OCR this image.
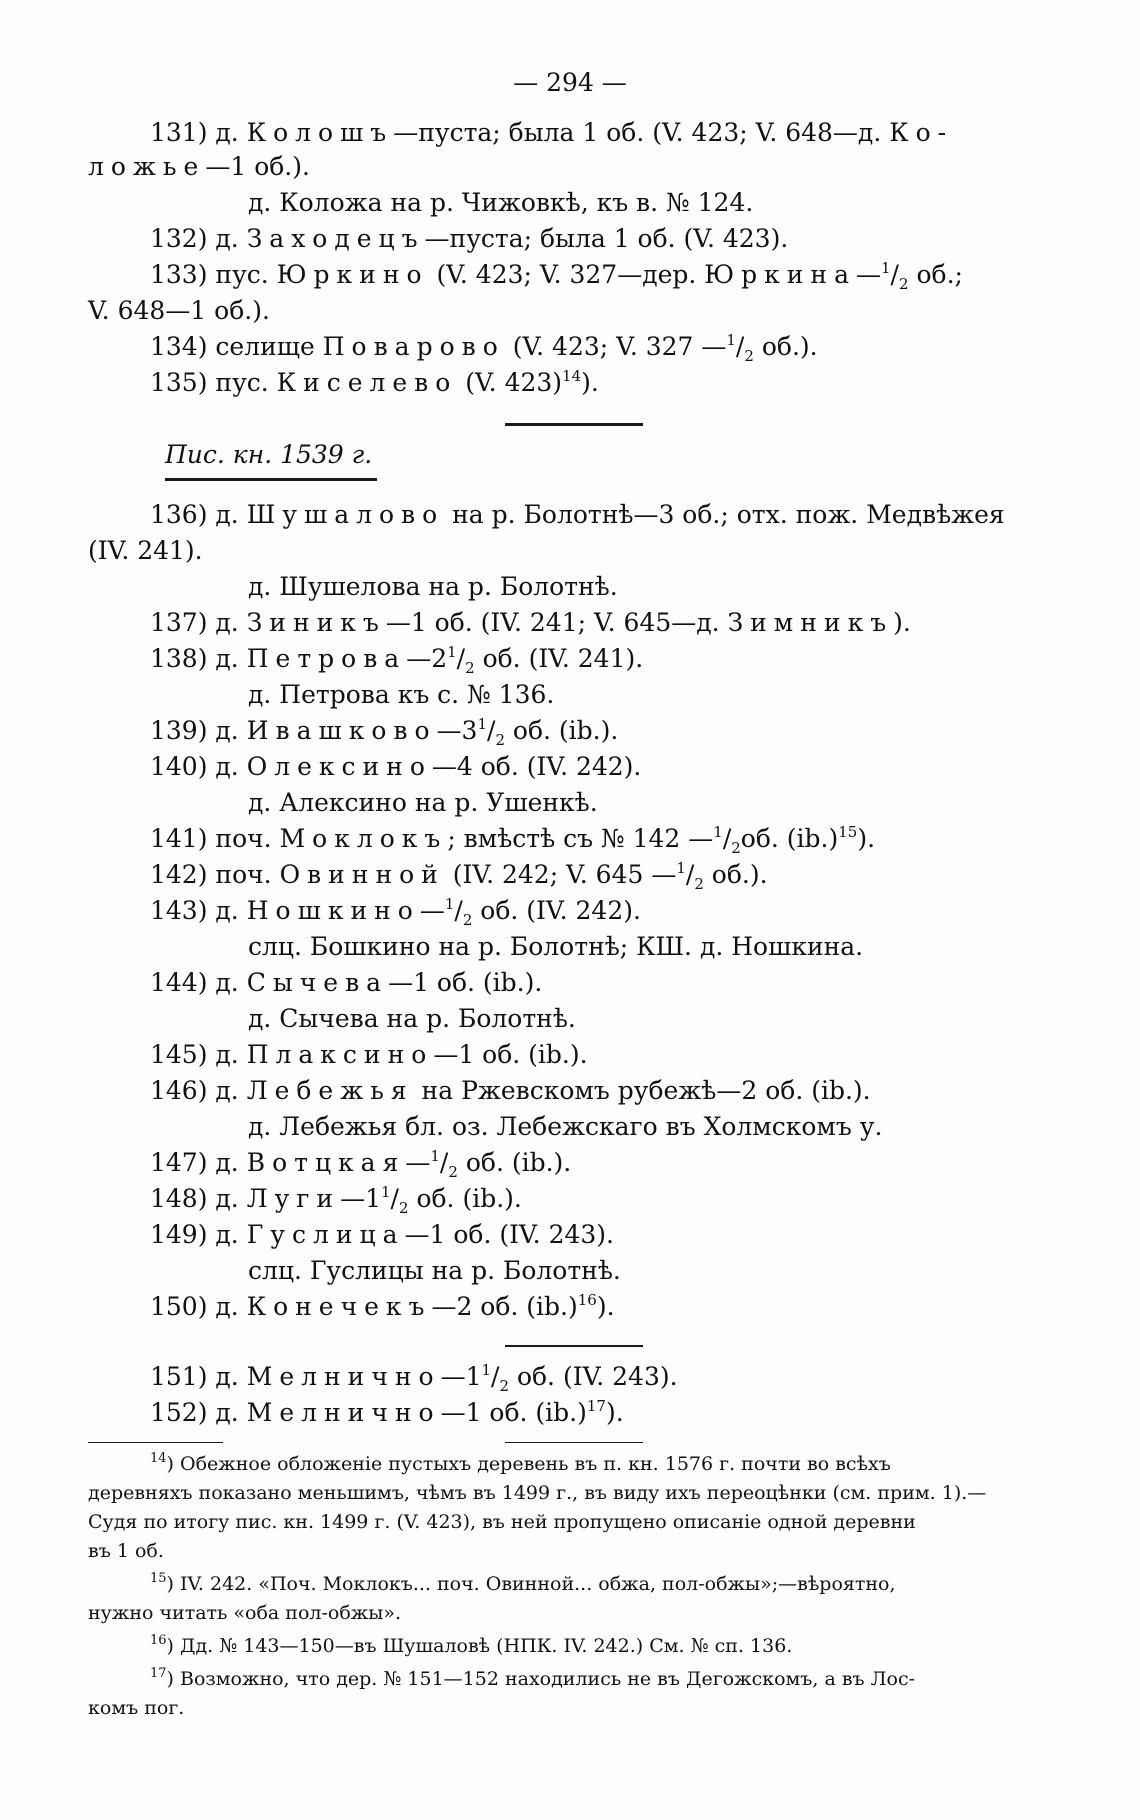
— 294 —
131) д. Колошъ—пуста; была 1 об. (V. 423; V. 648—д. Ко-
ложье—1 об.).
д. Коложа на р. Чижовкѣ, къ в. № 124.
132) д. Заходецъ—пуста; была 1 об. (V. 423).
133) пус. Юркино (V. 423; V. 327—дер. $Юркина—^1/_2$ об.;
V. 648—1 об.).
134) селище Поварово (V. 423; V. 327 $—^1/_2$ об.).
135) пус. Киселево (V. 423)$^{14}$).
Пис. кн. 1539 г.
136) д. Шушалово на р. Болотнѣ—3 об.; отх. пож. Медвѣжея
(IV. 241).
д. Шушелова на р. Болотнѣ.
137) д. Зиникъ—1 об. (IV. 241; V. 645—д. Зимникъ).
138) д. $Петрова—2^1/_2$ об. (IV. 241).
д. Петрова къ с. № 136.
139) д. $Ивашково—3^1/_2$ об. (ib.).
140) д. Олексино—4 об. (IV. 242).
д. Алексино на р. Ушенкѣ.
141) поч. Моклокъ; вмѣстѣ съ № 142 $—^1/_2об$. $(ib.)^{15}$).
142) поч. Овинной (IV. 242; V. 645 $—^1/_2$ об.).
143) д. $Ношкино—^1/_2$ об. (IV. 242).
слц. Бошкино на р. Болотнѣ; КШ. д. Ношкина.
144) д. Сычева—1 об. (ib.).
д. Сычева на р. Болотнѣ.
145) д. Плаксино—1 об. (ib.).
146) д. Лебежья на Ржевскомъ рубежѣ—2 об. (ib.).
д. Лебежья бл. оз. Лебежскаго въ Холмскомъ у.
147) д. $Вотцкая—^1/_2$ об. (ib.).
148) д. $Луги—1^1/_2$ об. (ib.).
149) д. Гуслица—1 об. (IV. 243).
слц. Гуслицы на р. Болотнѣ.
150) д. Конечекъ—2 об. $(ib.)^{16}$).
151) д. $Мелнично—1^1/_2$ об. (IV. 243).
152) д. Мелнично—1 об. $(ib.)^{17}$).
$^{14}$) Обежное обложеніе пустыхъ деревень въ п. кн. 1576 г. почти во всѣхъ
деревняхъ показано меньшимъ, чѣмъ въ 1499 г., въ виду ихъ переоцѣнки (см. прим. 1).—
Судя по итогу пис. кн. 1499 г. (V. 423), въ ней пропущено описаніе одной деревни
въ 1 об.
$^{15}$) IV. 242. «Поч. Моклокъ... поч. Овинной... обжа, пол-обжы»;—вѣроятно,
нужно читать «оба пол-обжы».
$^{16}$) Дд. № 143—150—въ Шушаловѣ (НПК. IV. 242.) См. № сп. 136.
$^{17}$) Возможно, что дер. № 151—152 находились не въ Дегожскомъ, а въ Лос-
комъ пог.
